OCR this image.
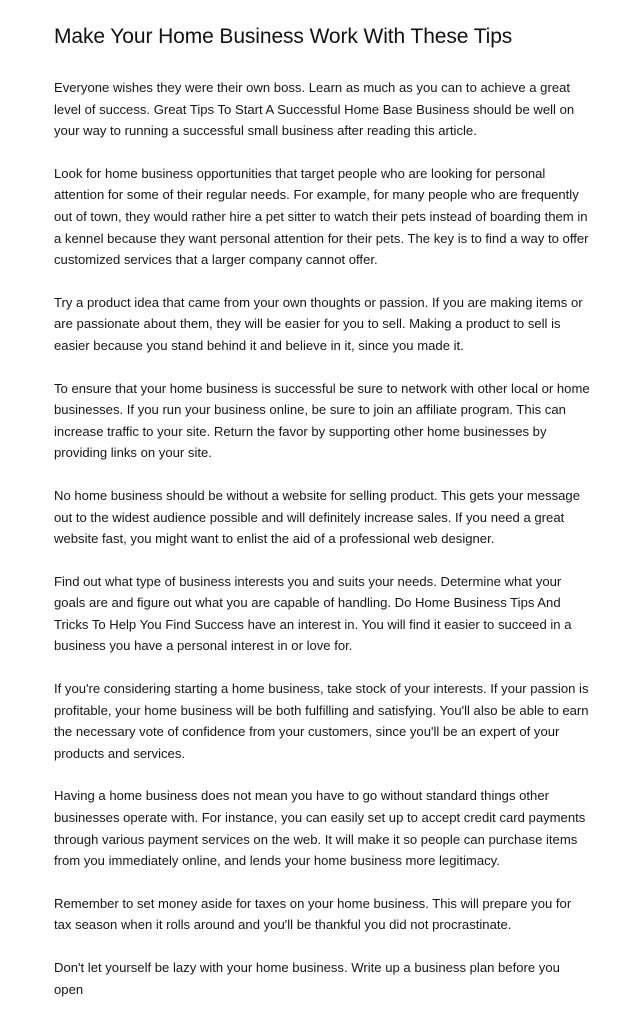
Make Your Home Business Work With These Tips

Everyone wishes they were their own boss. Learn as much as you can to achieve a great level of success. Great Tips To Start A Successful Home Base Business should be well on your way to running a successful small business after reading this article.

Look for home business opportunities that target people who are looking for personal attention for some of their regular needs. For example, for many people who are frequently out of town, they would rather hire a pet sitter to watch their pets instead of boarding them in a kennel because they want personal attention for their pets. The key is to find a way to offer customized services that a larger company cannot offer.

Try a product idea that came from your own thoughts or passion. If you are making items or are passionate about them, they will be easier for you to sell. Making a product to sell is easier because you stand behind it and believe in it, since you made it.

To ensure that your home business is successful be sure to network with other local or home businesses. If you run your business online, be sure to join an affiliate program. This can increase traffic to your site. Return the favor by supporting other home businesses by providing links on your site.

No home business should be without a website for selling product. This gets your message out to the widest audience possible and will definitely increase sales. If you need a great website fast, you might want to enlist the aid of a professional web designer.

Find out what type of business interests you and suits your needs. Determine what your goals are and figure out what you are capable of handling. Do Home Business Tips And Tricks To Help You Find Success have an interest in. You will find it easier to succeed in a business you have a personal interest in or love for.

If you're considering starting a home business, take stock of your interests. If your passion is profitable, your home business will be both fulfilling and satisfying. You'll also be able to earn the necessary vote of confidence from your customers, since you'll be an expert of your products and services.

Having a home business does not mean you have to go without standard things other businesses operate with. For instance, you can easily set up to accept credit card payments through various payment services on the web. It will make it so people can purchase items from you immediately online, and lends your home business more legitimacy.

Remember to set money aside for taxes on your home business. This will prepare you for tax season when it rolls around and you'll be thankful you did not procrastinate.

Don't let yourself be lazy with your home business. Write up a business plan before you open
